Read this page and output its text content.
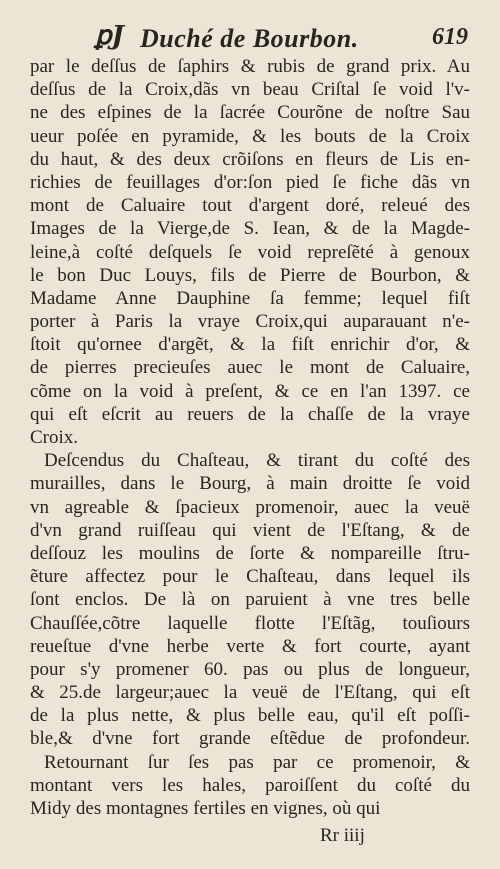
ꝑJ Duché de Bourbon.	619
par le deſſus de ſaphirs & rubis de grand prix. Au
deſſus de la Croix,dãs vn beau Criſtal ſe void l'v-
ne des eſpines de la ſacrée Courõne de noſtre Sau
ueur poſée en pyramide, & les bouts de la Croix
du haut, & des deux crõiſons en fleurs de Lis en-
richies de feuillages d'or:ſon pied ſe fiche dãs vn
mont de Caluaire tout d'argent doré, releué des
Images de la Vierge,de S. Iean, & de la Magde-
leine,à coſté deſquels ſe void repreſẽté à genoux
le bon Duc Louys, fils de Pierre de Bourbon, &
Madame Anne Dauphine ſa femme; lequel fiſt
porter à Paris la vraye Croix,qui auparauant n'e-
ſtoit qu'ornee d'argẽt, & la fiſt enrichir d'or, &
de pierres precieuſes auec le mont de Caluaire,
cõme on la void à preſent, & ce en l'an 1397. ce
qui eſt eſcrit au reuers de la chaſſe de la vraye
Croix.
Deſcendus du Chaſteau, & tirant du coſté des
murailles, dans le Bourg, à main droitte ſe void
vn agreable & ſpacieux promenoir, auec la veuë
d'vn grand ruiſſeau qui vient de l'Eſtang, & de
deſſouz les moulins de ſorte & nompareille ſtru-
ẽture affectez pour le Chaſteau, dans lequel ils
ſont enclos. De là on paruient à vne tres belle
Chauſſée,cõtre laquelle flotte l'Eſtãg, touſiours
reueſtue d'vne herbe verte & fort courte, ayant
pour s'y promener 60. pas ou plus de longueur,
& 25.de largeur;auec la veuë de l'Eſtang, qui eſt
de la plus nette, & plus belle eau, qu'il eſt poſſi-
ble,& d'vne fort grande eſtẽdue de profondeur.
Retournant ſur ſes pas par ce promenoir, &
montant vers les hales, paroiſſent du coſté du
Midy des montagnes fertiles en vignes, où qui
Rr iiij
